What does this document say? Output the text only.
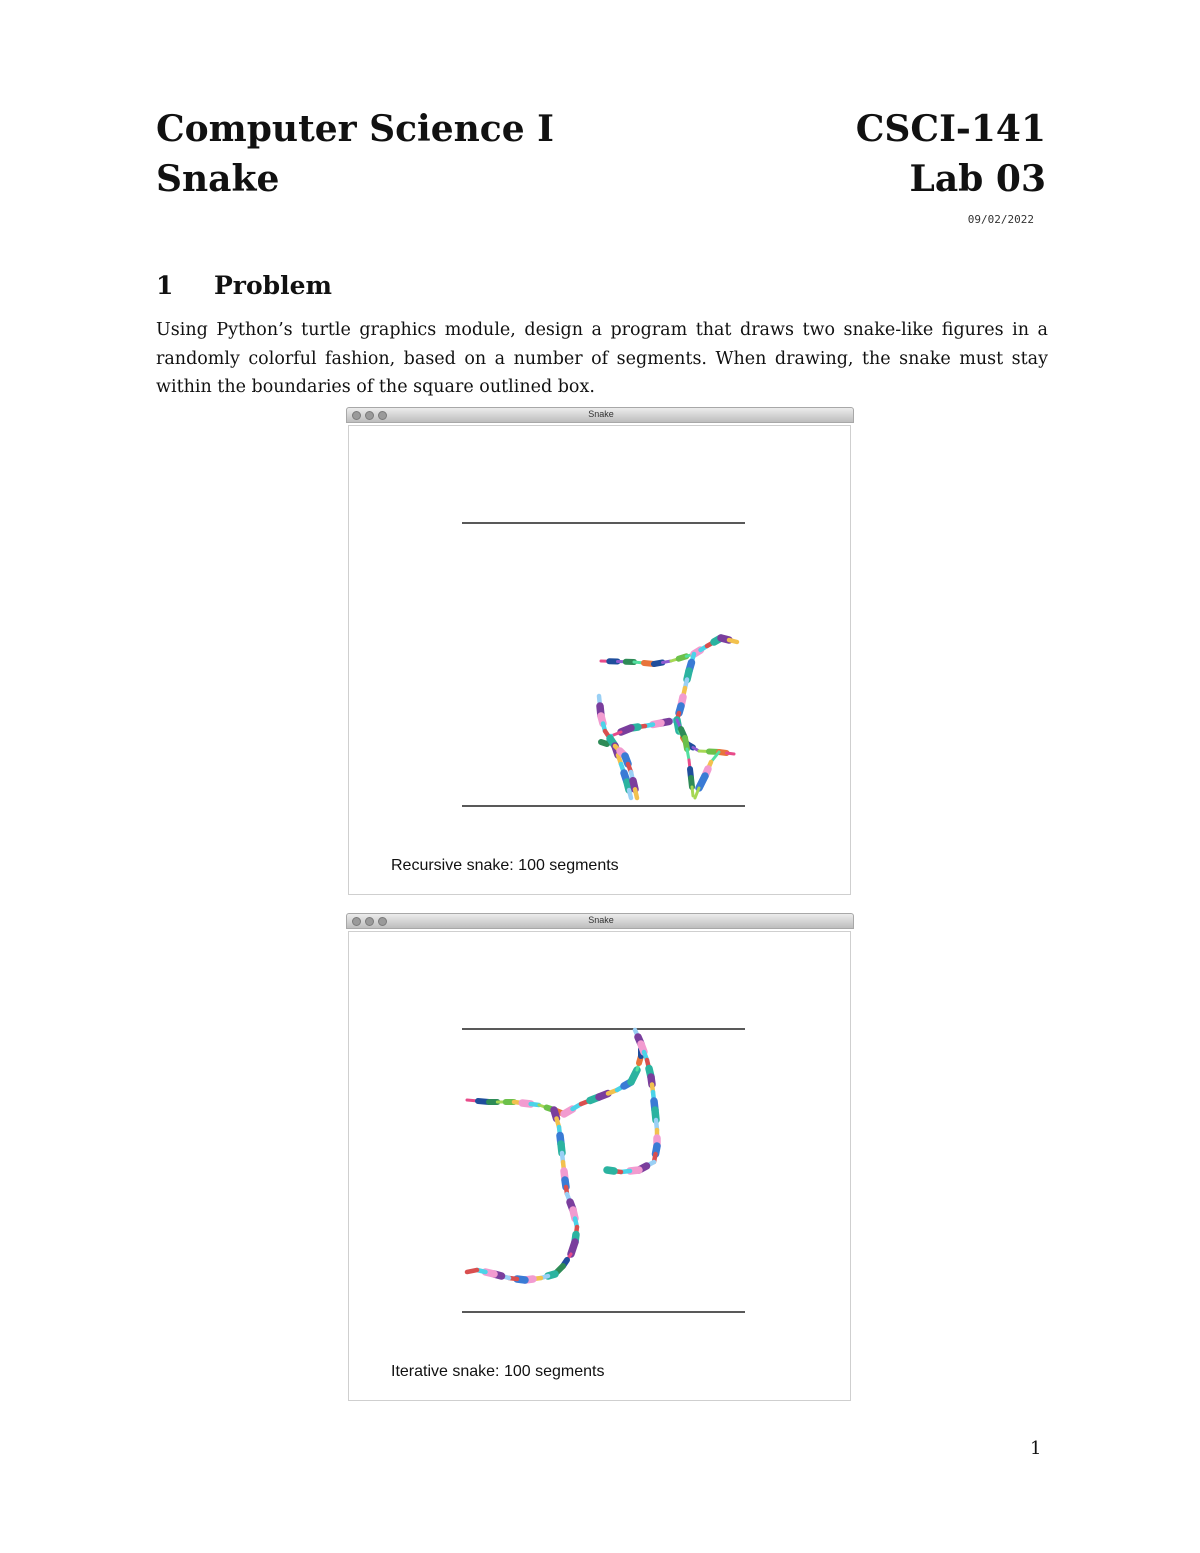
Computer Science I	CSCI-141
Snake	Lab 03
09/02/2022
1 Problem
Using Python’s turtle graphics module, design a program that draws two snake-like figures in a randomly colorful fashion, based on a number of segments. When drawing, the snake must stay within the boundaries of the square outlined box.
Snake
Recursive snake: 100 segments
Snake
Iterative snake: 100 segments
1
